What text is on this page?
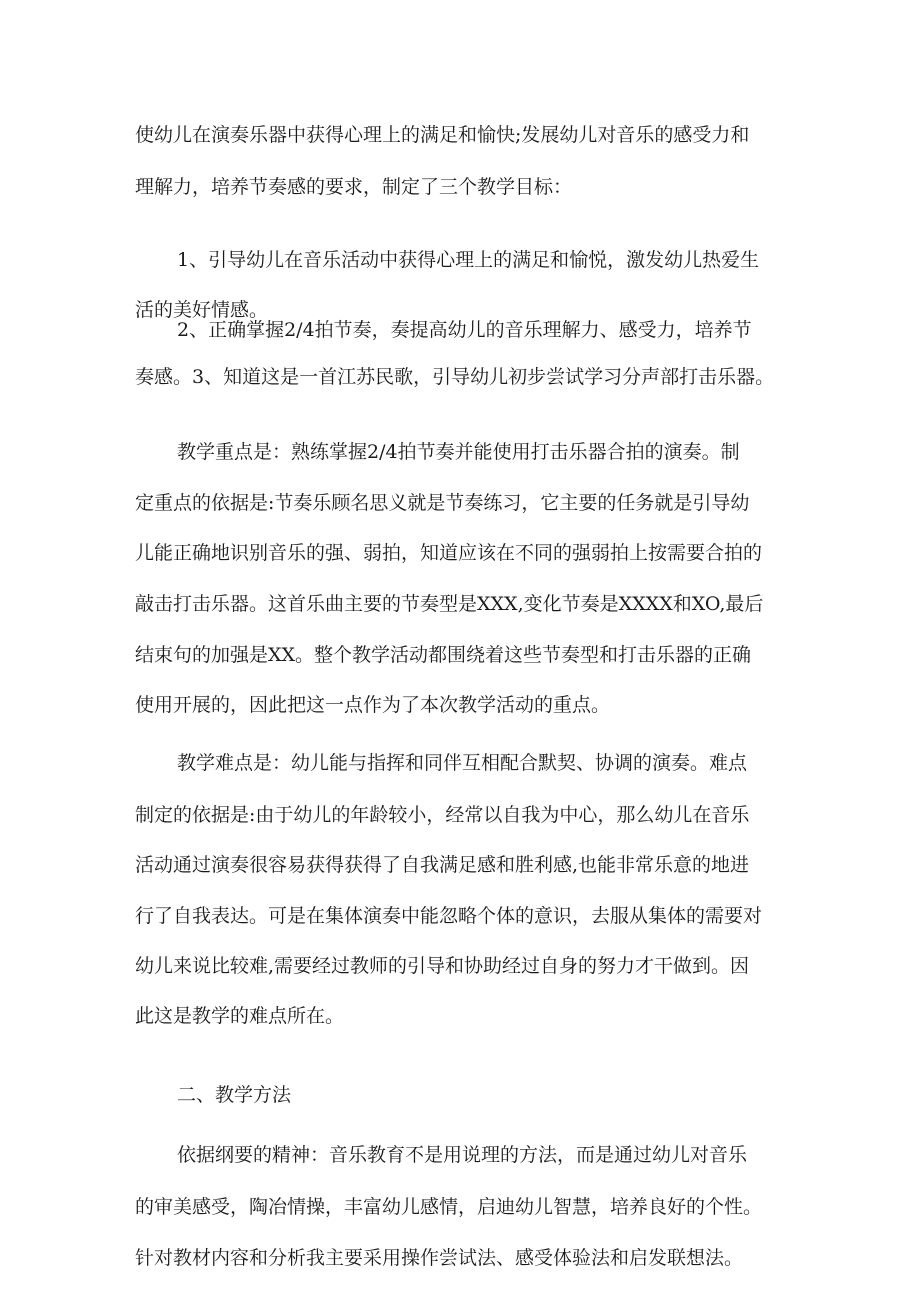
使幼儿在演奏乐器中获得心理上的满足和愉快;发展幼儿对音乐的感受力和
理解力，培养节奏感的要求，制定了三个教学目标：
1、引导幼儿在音乐活动中获得心理上的满足和愉悦，激发幼儿热爱生
活的美好情感。
2、正确掌握2/4拍节奏，奏提高幼儿的音乐理解力、感受力，培养节
奏感。3、知道这是一首江苏民歌，引导幼儿初步尝试学习分声部打击乐器。
教学重点是：熟练掌握2/4拍节奏并能使用打击乐器合拍的演奏。制
定重点的依据是:节奏乐顾名思义就是节奏练习，它主要的任务就是引导幼
儿能正确地识别音乐的强、弱拍，知道应该在不同的强弱拍上按需要合拍的
敲击打击乐器。这首乐曲主要的节奏型是XXX,变化节奏是XXXX和XO,最后
结束句的加强是XX。整个教学活动都围绕着这些节奏型和打击乐器的正确
使用开展的，因此把这一点作为了本次教学活动的重点。
教学难点是：幼儿能与指挥和同伴互相配合默契、协调的演奏。难点
制定的依据是:由于幼儿的年龄较小，经常以自我为中心，那么幼儿在音乐
活动通过演奏很容易获得获得了自我满足感和胜利感,也能非常乐意的地进
行了自我表达。可是在集体演奏中能忽略个体的意识，去服从集体的需要对
幼儿来说比较难,需要经过教师的引导和协助经过自身的努力才干做到。因
此这是教学的难点所在。
二、教学方法
依据纲要的精神：音乐教育不是用说理的方法，而是通过幼儿对音乐
的审美感受，陶冶情操，丰富幼儿感情，启迪幼儿智慧，培养良好的个性。
针对教材内容和分析我主要采用操作尝试法、感受体验法和启发联想法。
